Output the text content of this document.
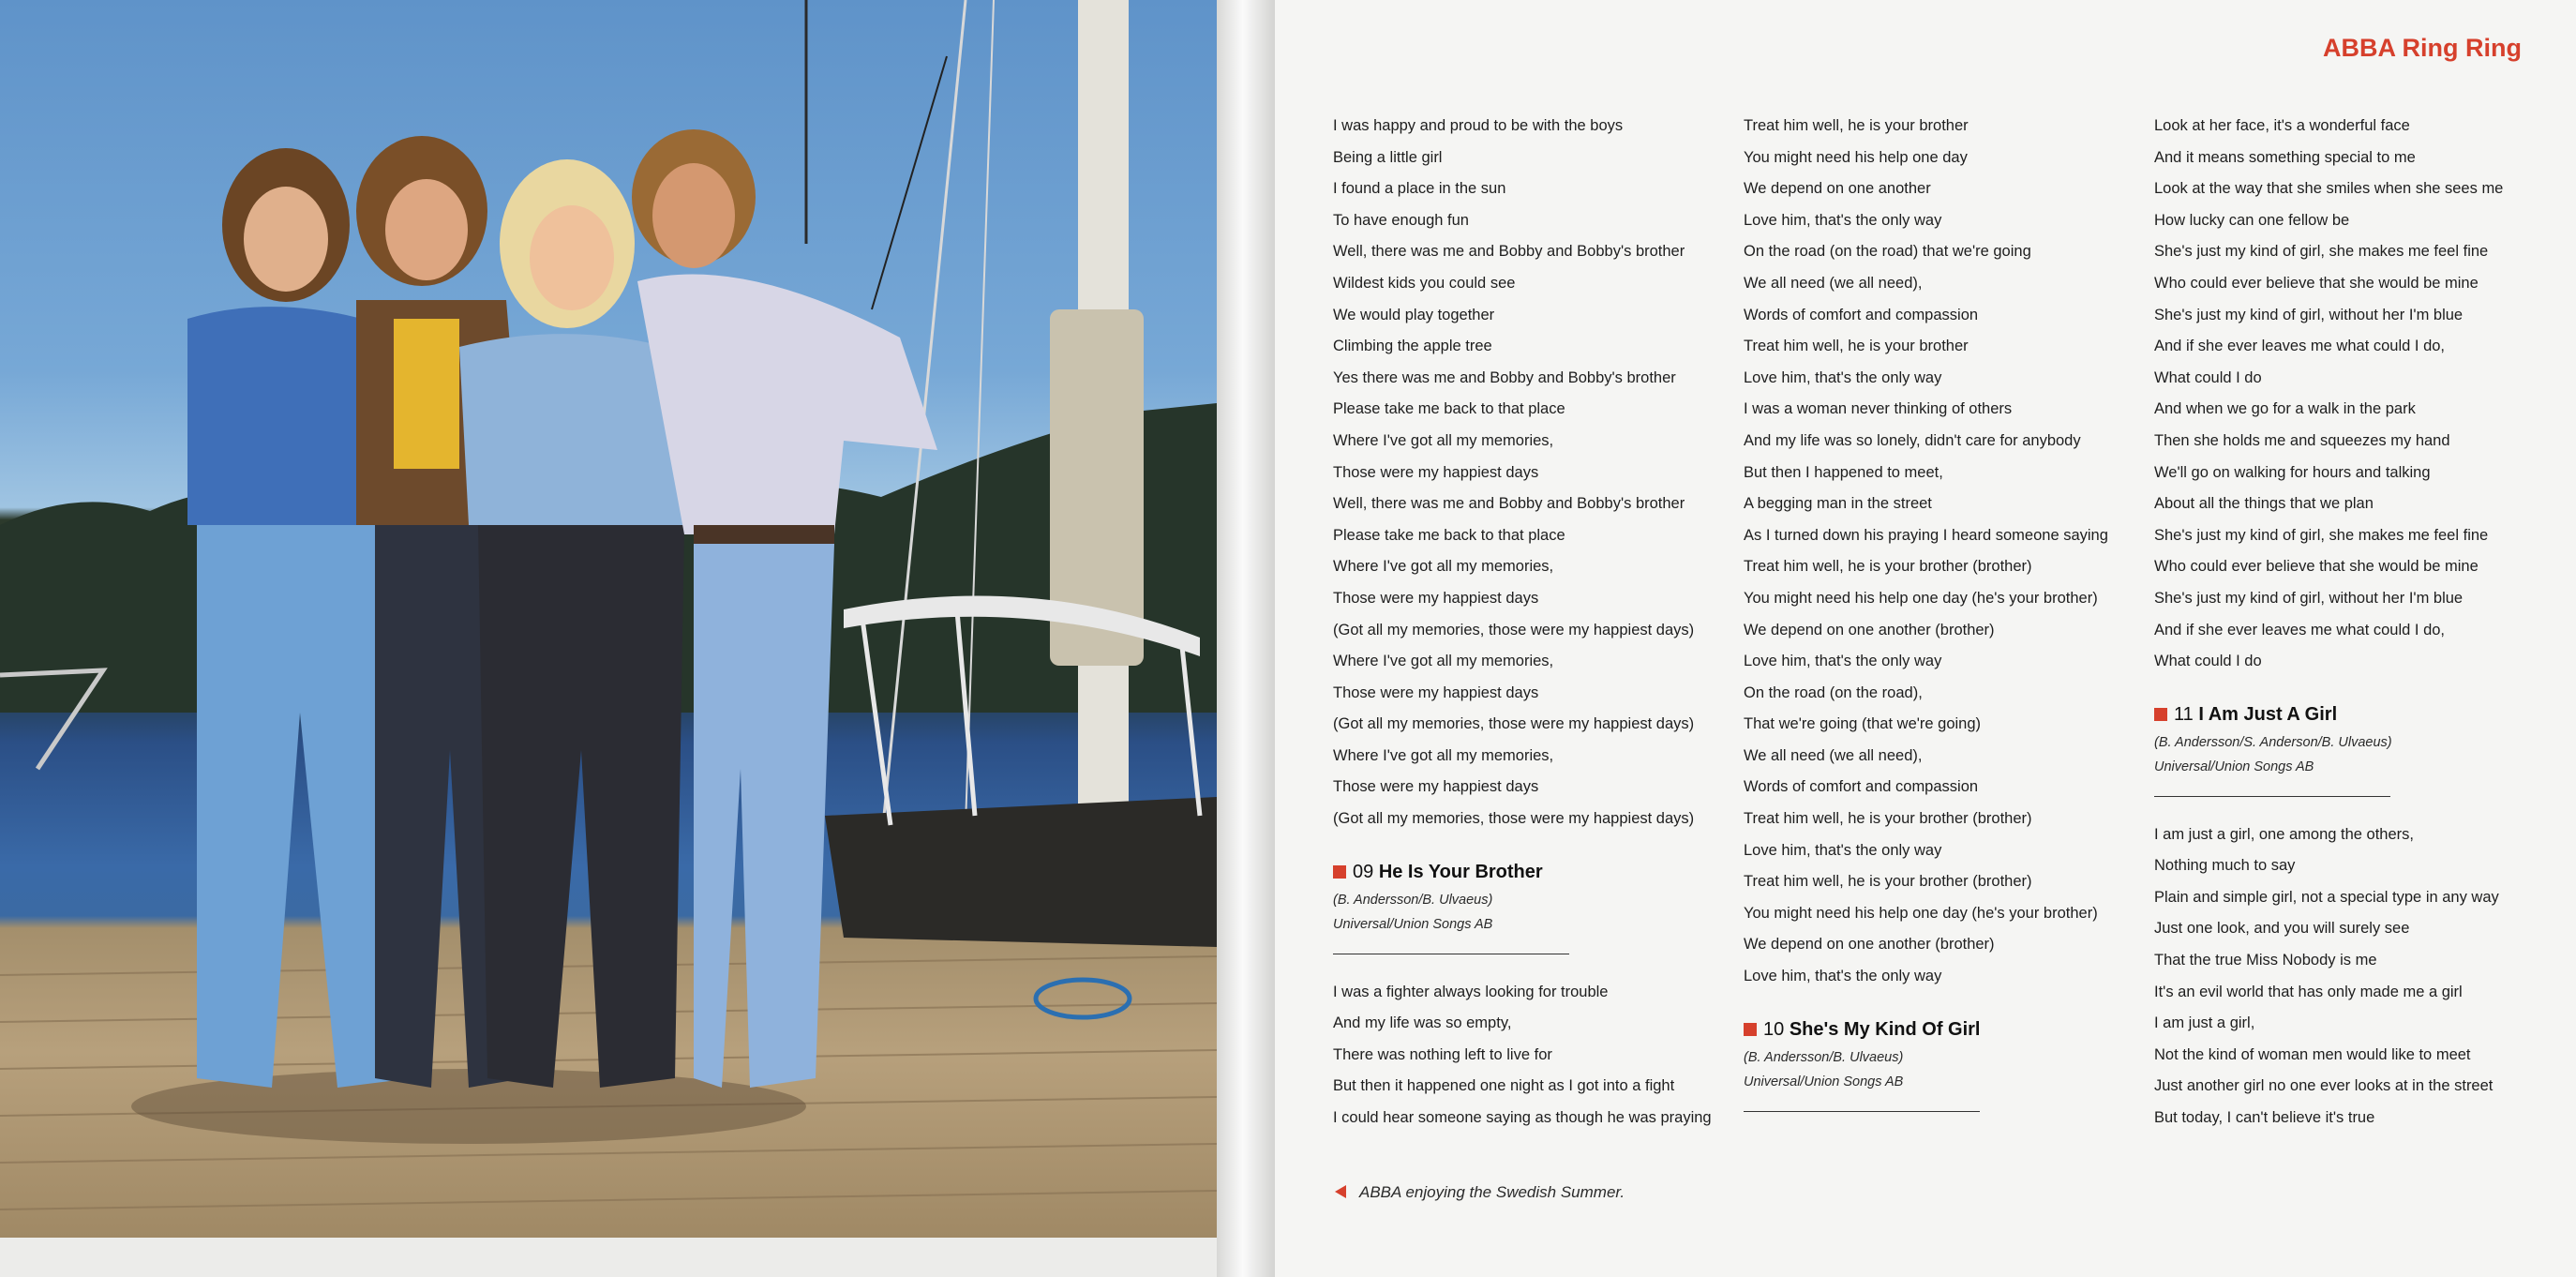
ABBA Ring Ring
I was happy and proud to be with the boys
Being a little girl
I found a place in the sun
To have enough fun
Well, there was me and Bobby and Bobby's brother
Wildest kids you could see
We would play together
Climbing the apple tree
Yes there was me and Bobby and Bobby's brother
Please take me back to that place
Where I've got all my memories,
Those were my happiest days
Well, there was me and Bobby and Bobby's brother
Please take me back to that place
Where I've got all my memories,
Those were my happiest days
(Got all my memories, those were my happiest days)
Where I've got all my memories,
Those were my happiest days
(Got all my memories, those were my happiest days)
Where I've got all my memories,
Those were my happiest days
(Got all my memories, those were my happiest days)
09 He Is Your Brother
(B. Andersson/B. Ulvaeus)
Universal/Union Songs AB
I was a fighter always looking for trouble
And my life was so empty,
There was nothing left to live for
But then it happened one night as I got into a fight
I could hear someone saying as though he was praying
Treat him well, he is your brother
You might need his help one day
We depend on one another
Love him, that's the only way
On the road (on the road) that we're going
We all need (we all need),
Words of comfort and compassion
Treat him well, he is your brother
Love him, that's the only way
I was a woman never thinking of others
And my life was so lonely, didn't care for anybody
But then I happened to meet,
A begging man in the street
As I turned down his praying I heard someone saying
Treat him well, he is your brother (brother)
You might need his help one day (he's your brother)
We depend on one another (brother)
Love him, that's the only way
On the road (on the road),
That we're going (that we're going)
We all need (we all need),
Words of comfort and compassion
Treat him well, he is your brother (brother)
Love him, that's the only way
Treat him well, he is your brother (brother)
You might need his help one day (he's your brother)
We depend on one another (brother)
Love him, that's the only way
10 She's My Kind Of Girl
(B. Andersson/B. Ulvaeus)
Universal/Union Songs AB
Look at her face, it's a wonderful face
And it means something special to me
Look at the way that she smiles when she sees me
How lucky can one fellow be
She's just my kind of girl, she makes me feel fine
Who could ever believe that she would be mine
She's just my kind of girl, without her I'm blue
And if she ever leaves me what could I do,
What could I do
And when we go for a walk in the park
Then she holds me and squeezes my hand
We'll go on walking for hours and talking
About all the things that we plan
She's just my kind of girl, she makes me feel fine
Who could ever believe that she would be mine
She's just my kind of girl, without her I'm blue
And if she ever leaves me what could I do,
What could I do
11 I Am Just A Girl
(B. Andersson/S. Anderson/B. Ulvaeus)
Universal/Union Songs AB
I am just a girl, one among the others,
Nothing much to say
Plain and simple girl, not a special type in any way
Just one look, and you will surely see
That the true Miss Nobody is me
It's an evil world that has only made me a girl
I am just a girl,
Not the kind of woman men would like to meet
Just another girl no one ever looks at in the street
But today, I can't believe it's true
ABBA enjoying the Swedish Summer.
